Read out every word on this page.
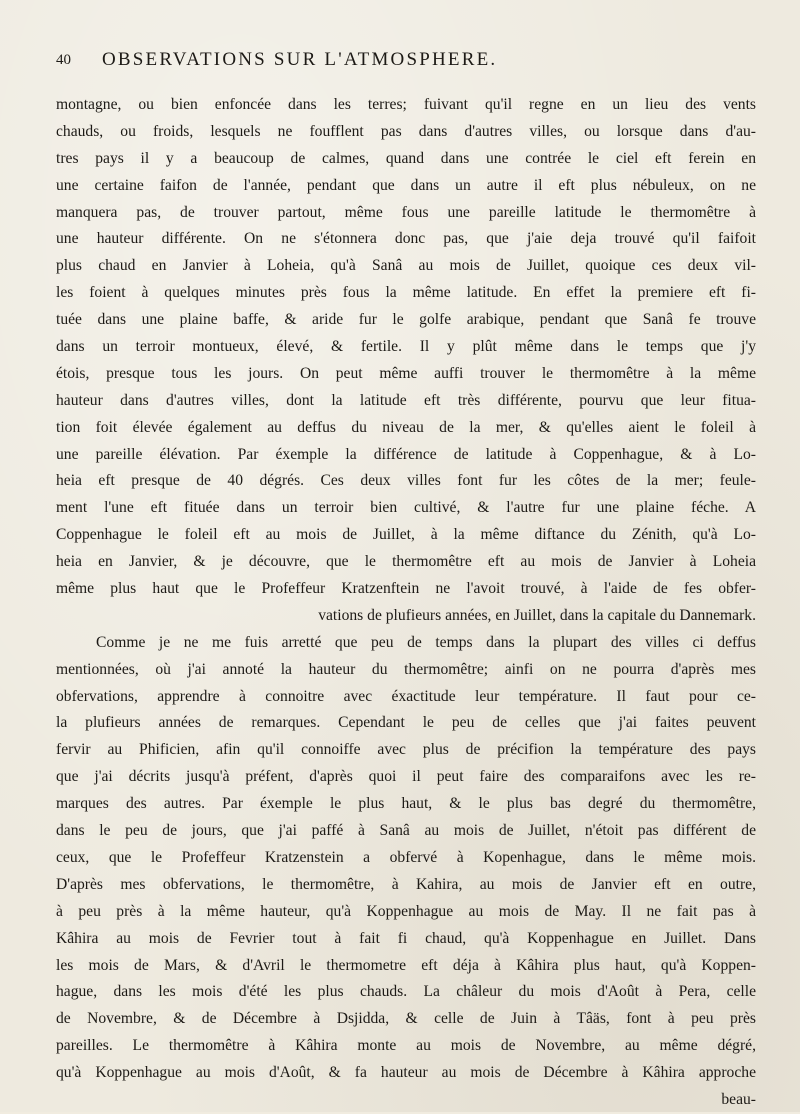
40 OBSERVATIONS SUR L'ATMOSPHERE.
montagne, ou bien enfoncée dans les terres; fuivant qu'il regne en un lieu des vents
chauds, ou froids, lesquels ne foufflent pas dans d'autres villes, ou lorsque dans d'au-
tres pays il y a beaucoup de calmes, quand dans une contrée le ciel eft ferein en
une certaine faifon de l'année, pendant que dans un autre il eft plus nébuleux, on ne
manquera pas, de trouver partout, même fous une pareille latitude le thermomêtre à
une hauteur différente. On ne s'étonnera donc pas, que j'aie deja trouvé qu'il faifoit
plus chaud en Janvier à Loheia, qu'à Sanâ au mois de Juillet, quoique ces deux vil-
les foient à quelques minutes près fous la même latitude. En effet la premiere eft fi-
tuée dans une plaine baffe, & aride fur le golfe arabique, pendant que Sanâ fe trouve
dans un terroir montueux, élevé, & fertile. Il y plût même dans le temps que j'y
étois, presque tous les jours. On peut même auffi trouver le thermomêtre à la même
hauteur dans d'autres villes, dont la latitude eft très différente, pourvu que leur fitua-
tion foit élevée également au deffus du niveau de la mer, & qu'elles aient le foleil à
une pareille élévation. Par éxemple la différence de latitude à Coppenhague, & à Lo-
heia eft presque de 40 dégrés. Ces deux villes font fur les côtes de la mer; feule-
ment l'une eft fituée dans un terroir bien cultivé, & l'autre fur une plaine féche. A
Coppenhague le foleil eft au mois de Juillet, à la même diftance du Zénith, qu'à Lo-
heia en Janvier, & je découvre, que le thermomêtre eft au mois de Janvier à Loheia
même plus haut que le Profeffeur Kratzenftein ne l'avoit trouvé, à l'aide de fes obfer-
vations de plufieurs années, en Juillet, dans la capitale du Dannemark.
Comme je ne me fuis arretté que peu de temps dans la plupart des villes ci deffus
mentionnées, où j'ai annoté la hauteur du thermomêtre; ainfi on ne pourra d'après mes
obfervations, apprendre à connoitre avec éxactitude leur température. Il faut pour ce-
la plufieurs années de remarques. Cependant le peu de celles que j'ai faites peuvent
fervir au Phificien, afin qu'il connoiffe avec plus de précifion la température des pays
que j'ai décrits jusqu'à préfent, d'après quoi il peut faire des comparaifons avec les re-
marques des autres. Par éxemple le plus haut, & le plus bas degré du thermomêtre,
dans le peu de jours, que j'ai paffé à Sanâ au mois de Juillet, n'étoit pas différent de
ceux, que le Profeffeur Kratzenstein a obfervé à Kopenhague, dans le même mois.
D'après mes obfervations, le thermomêtre, à Kahira, au mois de Janvier eft en outre,
à peu près à la même hauteur, qu'à Koppenhague au mois de May. Il ne fait pas à
Kâhira au mois de Fevrier tout à fait fi chaud, qu'à Koppenhague en Juillet. Dans
les mois de Mars, & d'Avril le thermometre eft déja à Kâhira plus haut, qu'à Koppen-
hague, dans les mois d'été les plus chauds. La châleur du mois d'Août à Pera, celle
de Novembre, & de Décembre à Dsjidda, & celle de Juin à Tâäs, font à peu près
pareilles. Le thermomêtre à Kâhira monte au mois de Novembre, au même dégré,
qu'à Koppenhague au mois d'Août, & fa hauteur au mois de Décembre à Kâhira approche
beau-
